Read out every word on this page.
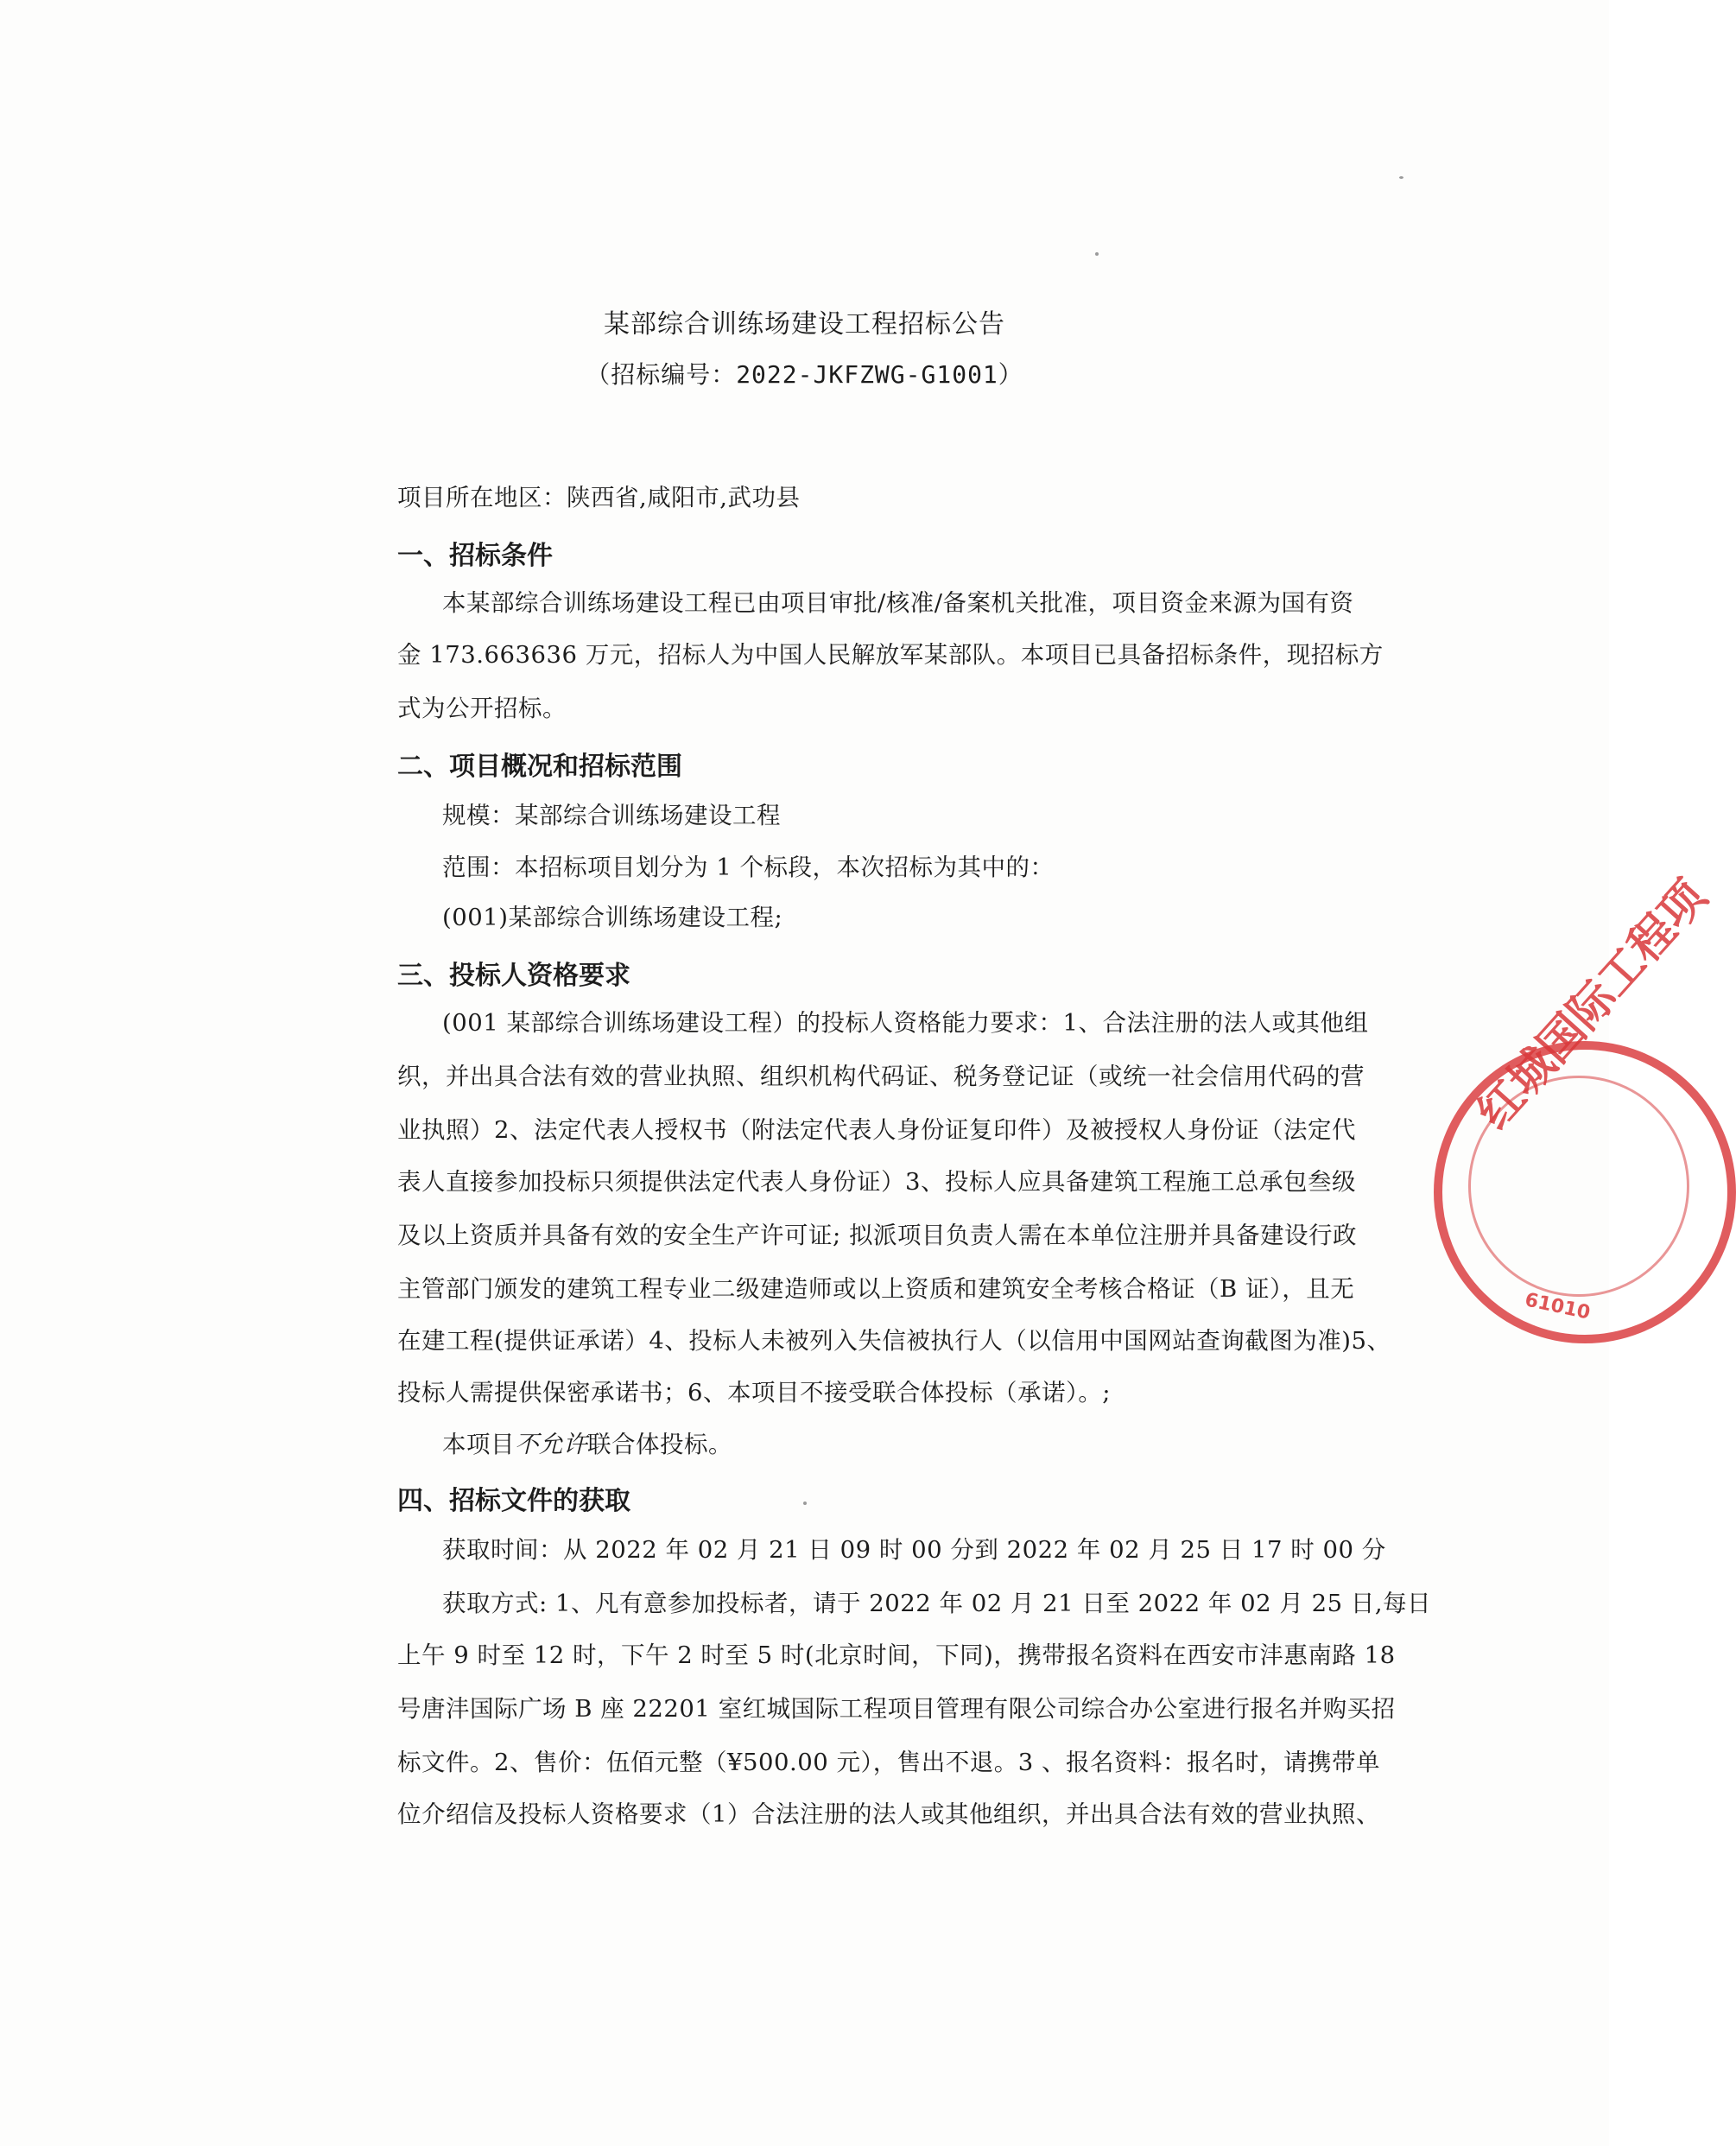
某部综合训练场建设工程招标公告
（招标编号：2022-JKFZWG-G1001）
项目所在地区：陕西省,咸阳市,武功县
一、招标条件
本某部综合训练场建设工程已由项目审批/核准/备案机关批准，项目资金来源为国有资
金 173.663636 万元，招标人为中国人民解放军某部队。本项目已具备招标条件，现招标方
式为公开招标。
二、项目概况和招标范围
规模：某部综合训练场建设工程
范围：本招标项目划分为 1 个标段，本次招标为其中的：
(001)某部综合训练场建设工程;
三、投标人资格要求
(001 某部综合训练场建设工程）的投标人资格能力要求：1、合法注册的法人或其他组
织，并出具合法有效的营业执照、组织机构代码证、税务登记证（或统一社会信用代码的营
业执照）2、法定代表人授权书（附法定代表人身份证复印件）及被授权人身份证（法定代
表人直接参加投标只须提供法定代表人身份证）3、投标人应具备建筑工程施工总承包叁级
及以上资质并具备有效的安全生产许可证; 拟派项目负责人需在本单位注册并具备建设行政
主管部门颁发的建筑工程专业二级建造师或以上资质和建筑安全考核合格证（B 证），且无
在建工程(提供证承诺）4、投标人未被列入失信被执行人（以信用中国网站查询截图为准)5、
投标人需提供保密承诺书；6、本项目不接受联合体投标（承诺）。;
本项目不允许联合体投标。
四、招标文件的获取
获取时间：从 2022 年 02 月 21 日 09 时 00 分到 2022 年 02 月 25 日 17 时 00 分
获取方式: 1、凡有意参加投标者，请于 2022 年 02 月 21 日至 2022 年 02 月 25 日,每日
上午 9 时至 12 时，下午 2 时至 5 时(北京时间，下同)，携带报名资料在西安市沣惠南路 18
号唐沣国际广场 B 座 22201 室红城国际工程项目管理有限公司综合办公室进行报名并购买招
标文件。2、售价：伍佰元整（¥500.00 元），售出不退。3 、报名资料：报名时，请携带单
位介绍信及投标人资格要求（1）合法注册的法人或其他组织，并出具合法有效的营业执照、
红城国际工程项
61010
